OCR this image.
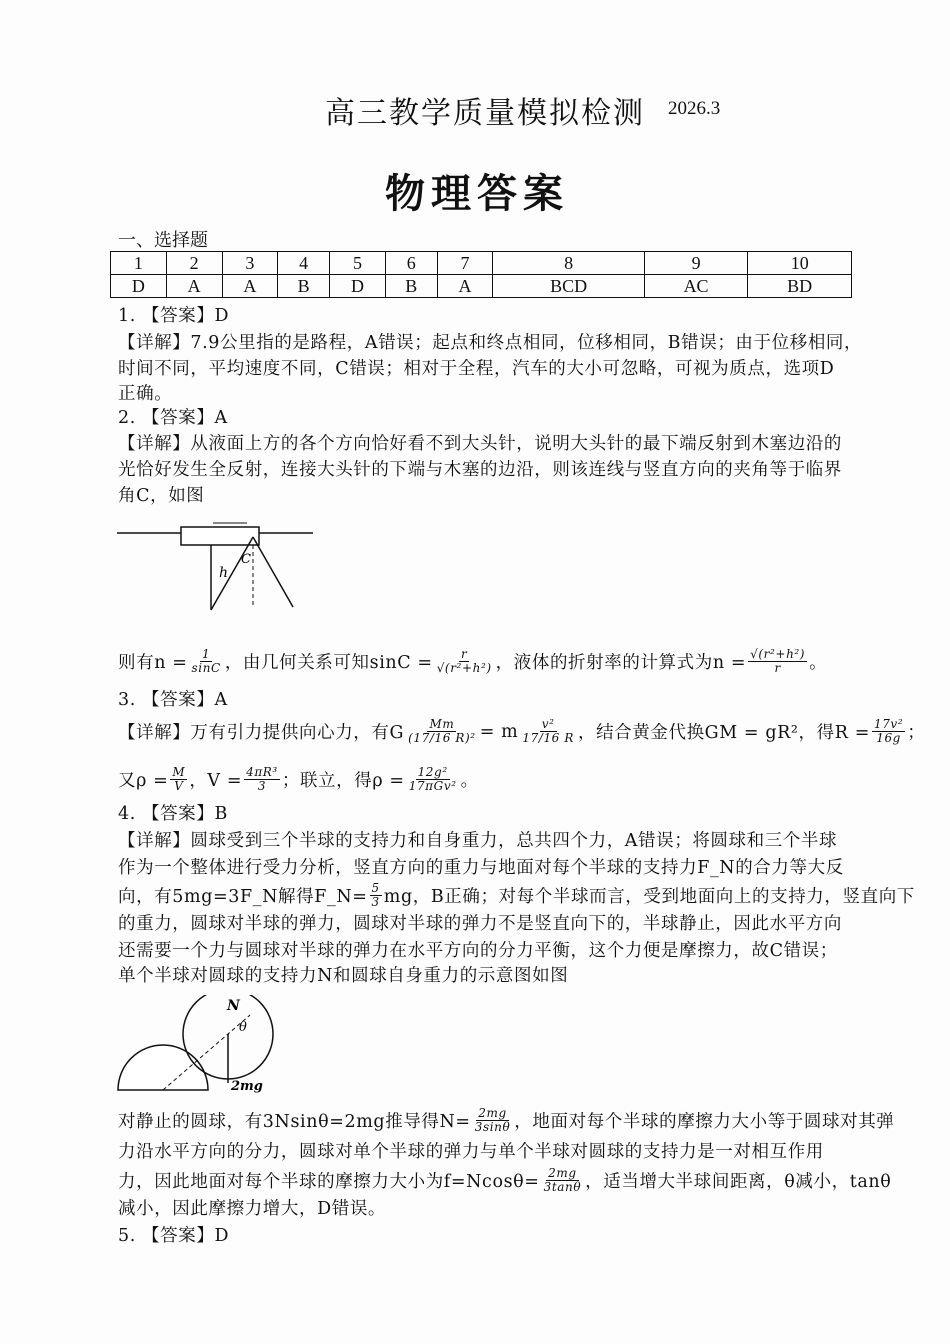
高三教学质量模拟检测 2026.3
物理答案
一、选择题
1	2	3	4	5	6	7	8	9	10
D	A	A	B	D	B	A	BCD	AC	BD
1. 【答案】D
【详解】7.9公里指的是路程，A错误；起点和终点相同，位移相同，B错误；由于位移相同，
时间不同，平均速度不同，C错误；相对于全程，汽车的大小可忽略，可视为质点，选项D
正确。
2. 【答案】A
【详解】从液面上方的各个方向恰好看不到大头针，说明大头针的最下端反射到木塞边沿的
光恰好发生全反射，连接大头针的下端与木塞的边沿，则该连线与竖直方向的夹角等于临界
角C，如图
则有$n = \frac{1}{\sin C}$ ，由几何关系可知$\sin C = \frac{r}{\text{√(r²+h²)}}$ ，液体的折射率的计算式为$n = \frac{\text{√(r²+h²)}}{r}$ 。
3. 【答案】A
【详解】万有引力提供向心力，有G $\frac{Mm}{\text{(17/16 R)²}} = m \frac{\text{v²}}{17/16 R}$ ，结合黄金代换GM = gR²，得$R = \frac{\text{17v²}}{16g}$ ；
又$\rho = \frac{M}{V}$ ，$V = \frac{\text{4πR³}}{3}$ ；联立，得ρ = 12g²
17πGv² 。
4. 【答案】B
【详解】圆球受到三个半球的支持力和自身重力，总共四个力，A错误；将圆球和三个半球
作为一个整体进行受力分析，竖直方向的重力与地面对每个半球的支持力F_N的合力等大反
向，有5mg=3F_N解得F_N= $\frac{5}{3}$ mg，B正确；对每个半球而言，受到地面向上的支持力，竖直向下
的重力，圆球对半球的弹力，圆球对半球的弹力不是竖直向下的，半球静止，因此水平方向
还需要一个力与圆球对半球的弹力在水平方向的分力平衡，这个力便是摩擦力，故C错误；
单个半球对圆球的支持力N和圆球自身重力的示意图如图
对静止的圆球，有3Nsinθ=2mg推导得$N= \frac{2mg}{3\sin\theta}$ ，地面对每个半球的摩擦力大小等于圆球对其弹
力沿水平方向的分力，圆球对单个半球的弹力与单个半球对圆球的支持力是一对相互作用
力，因此地面对每个半球的摩擦力大小为$f=Ncos\theta= \frac{2mg}{3\tan\theta}$ ，适当增大半球间距离，θ减小，tanθ
减小，因此摩擦力增大，D错误。
5. 【答案】D
h
C
N
θ
2mg
